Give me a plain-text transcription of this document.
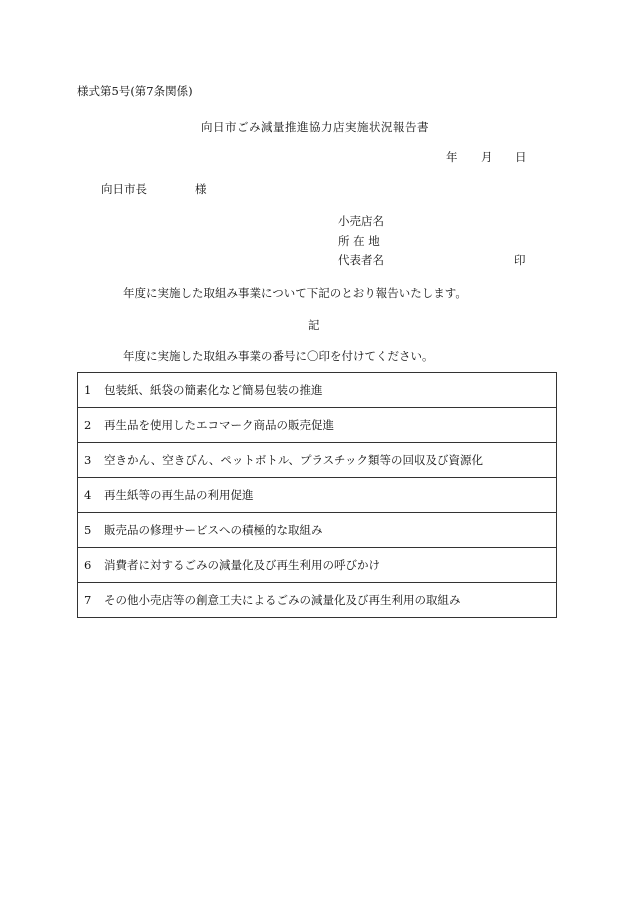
様式第5号(第7条関係)
向日市ごみ減量推進協力店実施状況報告書
年 月 日
向日市長	様
小売店名
所 在 地
代表者名	印
年度に実施した取組み事業について下記のとおり報告いたします。
記
年度に実施した取組み事業の番号に〇印を付けてください。
1 包装紙、紙袋の簡素化など簡易包装の推進
2 再生品を使用したエコマーク商品の販売促進
3 空きかん、空きびん、ペットボトル、プラスチック類等の回収及び資源化
4 再生紙等の再生品の利用促進
5 販売品の修理サービスへの積極的な取組み
6 消費者に対するごみの減量化及び再生利用の呼びかけ
7 その他小売店等の創意工夫によるごみの減量化及び再生利用の取組み
